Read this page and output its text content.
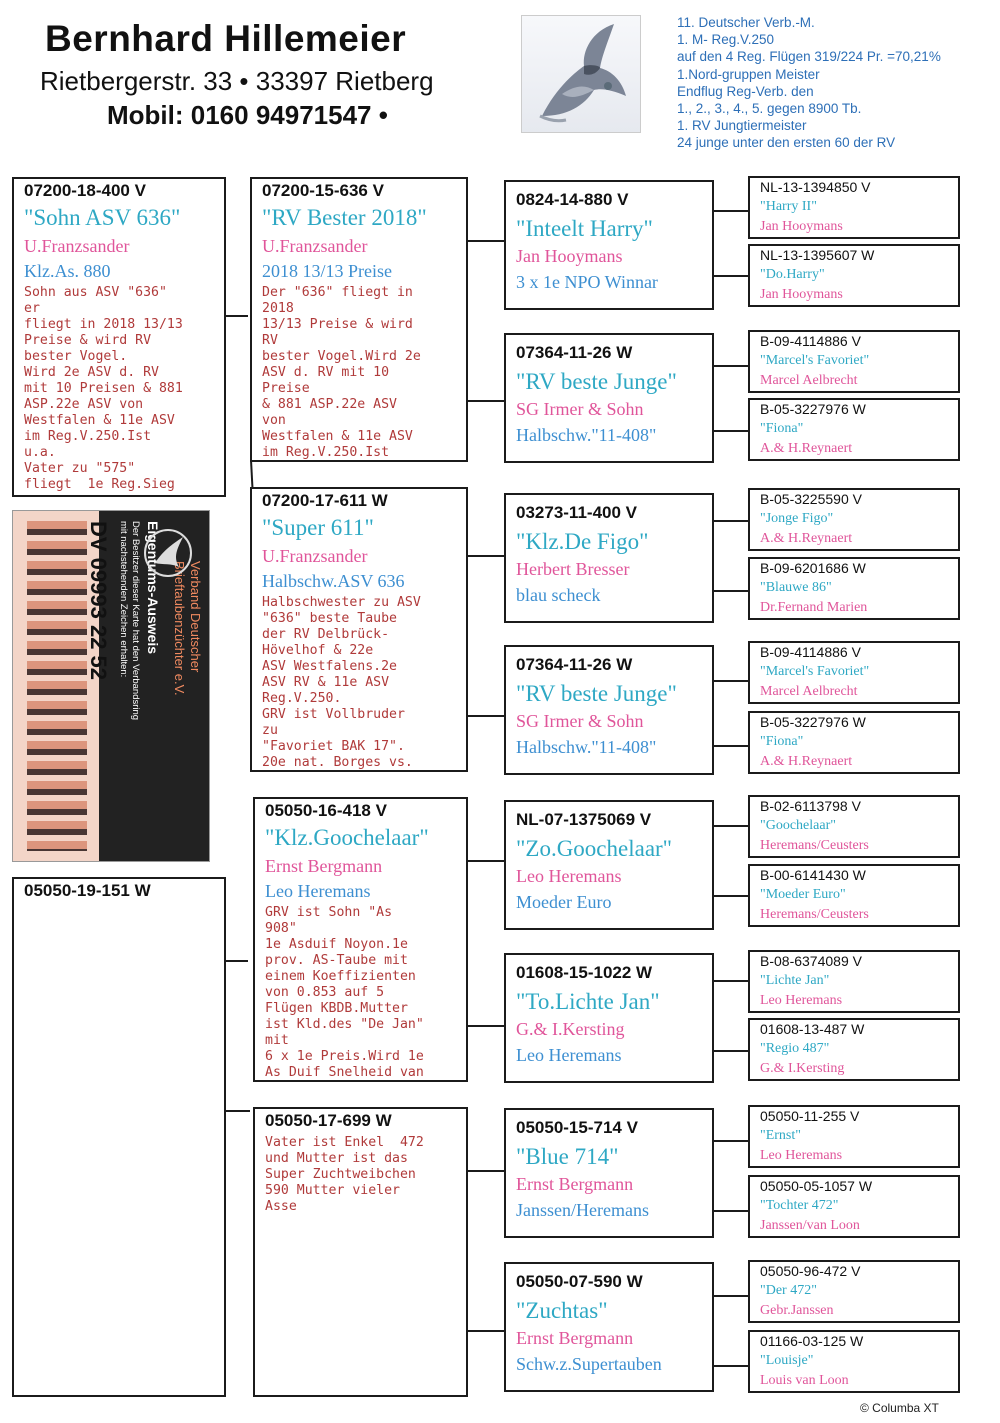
Bernhard Hillemeier
Rietbergerstr. 33 • 33397 Rietberg
Mobil: 0160 94971547 •
11. Deutscher Verb.-M.
1. M- Reg.V.250
auf den 4 Reg. Flügen 319/224 Pr. =70,21%
1.Nord-gruppen Meister
Endflug Reg-Verb. den
1., 2., 3., 4., 5. gegen 8900 Tb.
1. RV Jungtiermeister
24 junge unter den ersten 60 der RV
07200-18-400 V
"Sohn ASV 636"
U.Franzsander
Klz.As. 880
Sohn aus ASV "636"
er
fliegt in 2018 13/13
Preise & wird RV
bester Vogel.
Wird 2e ASV d. RV
mit 10 Preisen & 881
ASP.22e ASV von
Westfalen & 11e ASV
im Reg.V.250.Ist
u.a.
Vater zu "575"
fliegt  1e Reg.Sieg
Verband Deutscher
Brieftaubenzüchter e.V.
Eigentums-Ausweis
Der Besitzer dieser Karte hat den Verbandsring
mit nachstehenden Zeichen erhalten:
DV 09993 22 52
05050-19-151 W
07200-15-636 V
"RV Bester 2018"
U.Franzsander
2018 13/13 Preise
Der "636" fliegt in
2018
13/13 Preise & wird
RV
bester Vogel.Wird 2e
ASV d. RV mit 10
Preise
& 881 ASP.22e ASV
von
Westfalen & 11e ASV
im Reg.V.250.Ist
07200-17-611 W
"Super 611"
U.Franzsander
Halbschw.ASV 636
Halbschwester zu ASV
"636" beste Taube
der RV Delbrück-
Hövelhof & 22e
ASV Westfalens.2e
ASV RV & 11e ASV
Reg.V.250.
GRV ist Vollbruder
zu
"Favoriet BAK 17".
20e nat. Borges vs.
05050-16-418 V
"Klz.Goochelaar"
Ernst Bergmann
Leo Heremans
GRV ist Sohn "As
908"
1e Asduif Noyon.1e
prov. AS-Taube mit
einem Koeffizienten
von 0.853 auf 5
Flügen KBDB.Mutter
ist Kld.des "De Jan"
mit
6 x 1e Preis.Wird 1e
As Duif Snelheid van
05050-17-699 W
Vater ist Enkel  472
und Mutter ist das
Super Zuchtweibchen
590 Mutter vieler
Asse
0824-14-880 V
"Inteelt Harry"
Jan Hooymans
3 x 1e NPO Winnar
07364-11-26 W
"RV beste Junge"
SG Irmer & Sohn
Halbschw."11-408"
03273-11-400 V
"Klz.De Figo"
Herbert Bresser
blau scheck
07364-11-26 W
"RV beste Junge"
SG Irmer & Sohn
Halbschw."11-408"
NL-07-1375069 V
"Zo.Goochelaar"
Leo Heremans
Moeder Euro
01608-15-1022 W
"To.Lichte Jan"
G.& I.Kersting
Leo Heremans
05050-15-714 V
"Blue 714"
Ernst Bergmann
Janssen/Heremans
05050-07-590 W
"Zuchtas"
Ernst Bergmann
Schw.z.Supertauben
NL-13-1394850 V
"Harry II"
Jan Hooymans
NL-13-1395607 W
"Do.Harry"
Jan Hooymans
B-09-4114886 V
"Marcel's Favoriet"
Marcel Aelbrecht
B-05-3227976 W
"Fiona"
A.& H.Reynaert
B-05-3225590 V
"Jonge Figo"
A.& H.Reynaert
B-09-6201686 W
"Blauwe 86"
Dr.Fernand Marien
B-09-4114886 V
"Marcel's Favoriet"
Marcel Aelbrecht
B-05-3227976 W
"Fiona"
A.& H.Reynaert
B-02-6113798 V
"Goochelaar"
Heremans/Ceusters
B-00-6141430 W
"Moeder Euro"
Heremans/Ceusters
B-08-6374089 V
"Lichte Jan"
Leo Heremans
01608-13-487 W
"Regio 487"
G.& I.Kersting
05050-11-255 V
"Ernst"
Leo Heremans
05050-05-1057 W
"Tochter 472"
Janssen/van Loon
05050-96-472 V
"Der 472"
Gebr.Janssen
01166-03-125 W
"Louisje"
Louis van Loon
© Columba XT
